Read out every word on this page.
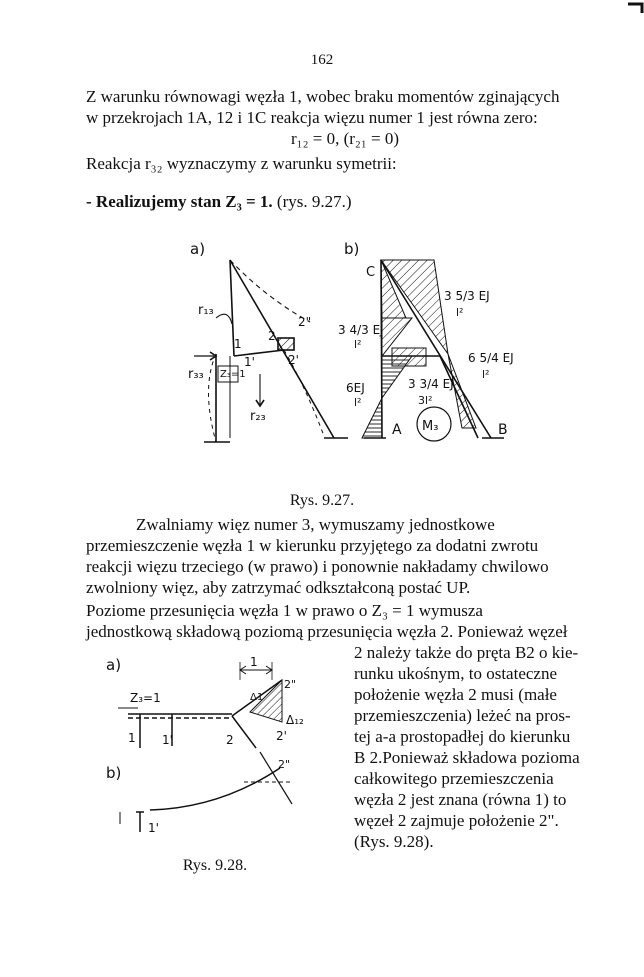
162
Z warunku równowagi węzła 1, wobec braku momentów zginających
w przekrojach 1A, 12 i 1C reakcja więzu numer 1 jest równa zero:
r₁₂ = 0, (r₂₁ = 0)
Reakcja r₃₂ wyznaczymy z warunku symetrii:
- Realizujemy stan Z₃ = 1. (rys. 9.27.)
a)
r₁₃
r₃₃ Z₃=1
r₂₃
1
1'
2
2'
2"
b)
C
3 5/3 EJ
l²
3 4/3 EJ
l²
6 5/4 EJ
l²
6EJ
l²
3 3/4 EJ
3l²
A M₃	B
Rys. 9.27.
Zwalniamy więz numer 3, wymuszamy jednostkowe
przemieszczenie węzła 1 w kierunku przyjętego za dodatni zwrotu
reakcji więzu trzeciego (w prawo) i ponownie nakładamy chwilowo
zwolniony więz, aby zatrzymać odkształconą postać UP.
Poziome przesunięcia węzła 1 w prawo o Z₃ = 1 wymusza
jednostkową składową poziomą przesunięcia węzła 2. Ponieważ węzeł
2 należy także do pręta B2 o kie-
runku ukośnym, to ostateczne
położenie węzła 2 musi (małe
przemieszczenia) leżeć na pros-
tej a-a prostopadłej do kierunku
B 2.Ponieważ składowa pozioma
całkowitego przemieszczenia
węzła 2 jest znana (równa 1) to
węzeł 2 zajmuje położenie 2".
(Rys. 9.28).
a)	1
Z₃=1	Δ1
2"
Δ₁₂
1 1'	2	2'
b)	2"
1'
Rys. 9.28.
